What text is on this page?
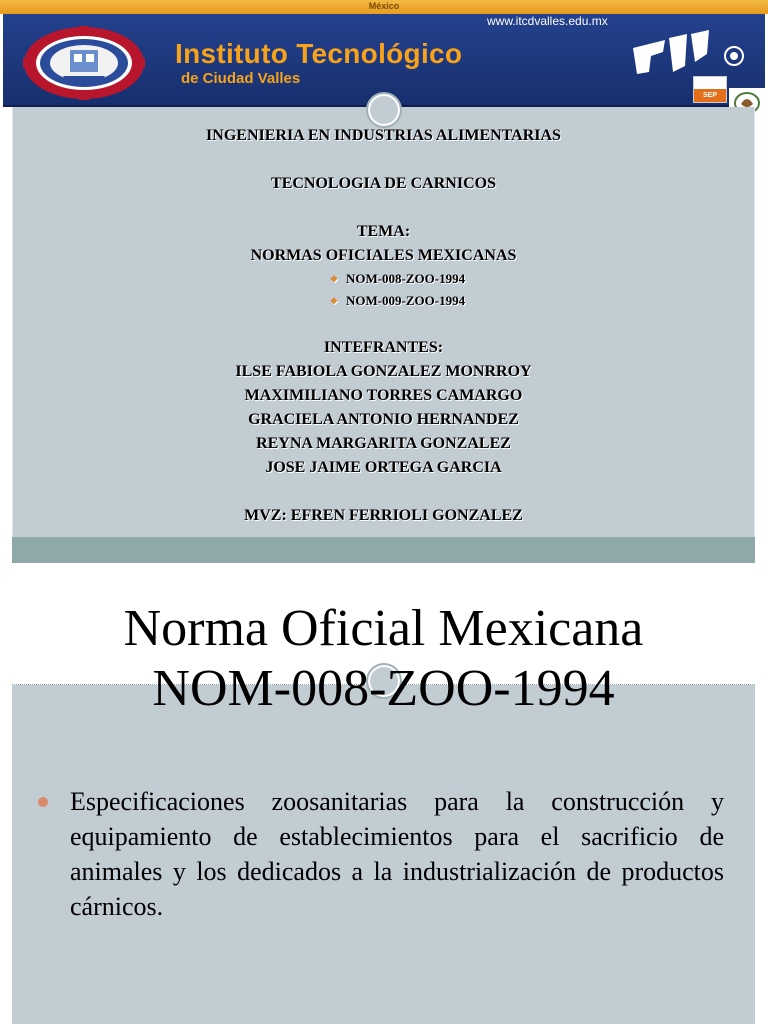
México
Instituto Tecnológico
de Ciudad Valles
www.itcdvalles.edu.mx
SEP
INGENIERIA EN INDUSTRIAS ALIMENTARIAS
TECNOLOGIA DE CARNICOS
TEMA:
NORMAS OFICIALES MEXICANAS
❖ NOM-008-ZOO-1994
❖ NOM-009-ZOO-1994
INTEFRANTES:
ILSE FABIOLA GONZALEZ MONRROY
MAXIMILIANO TORRES CAMARGO
GRACIELA ANTONIO HERNANDEZ
REYNA MARGARITA GONZALEZ
JOSE JAIME ORTEGA GARCIA
MVZ: EFREN FERRIOLI GONZALEZ
Norma Oficial Mexicana
NOM-008-ZOO-1994

Especificaciones zoosanitarias para la construcción y equipamiento de establecimientos para el sacrificio de animales y los dedicados a la industrialización de productos cárnicos.
